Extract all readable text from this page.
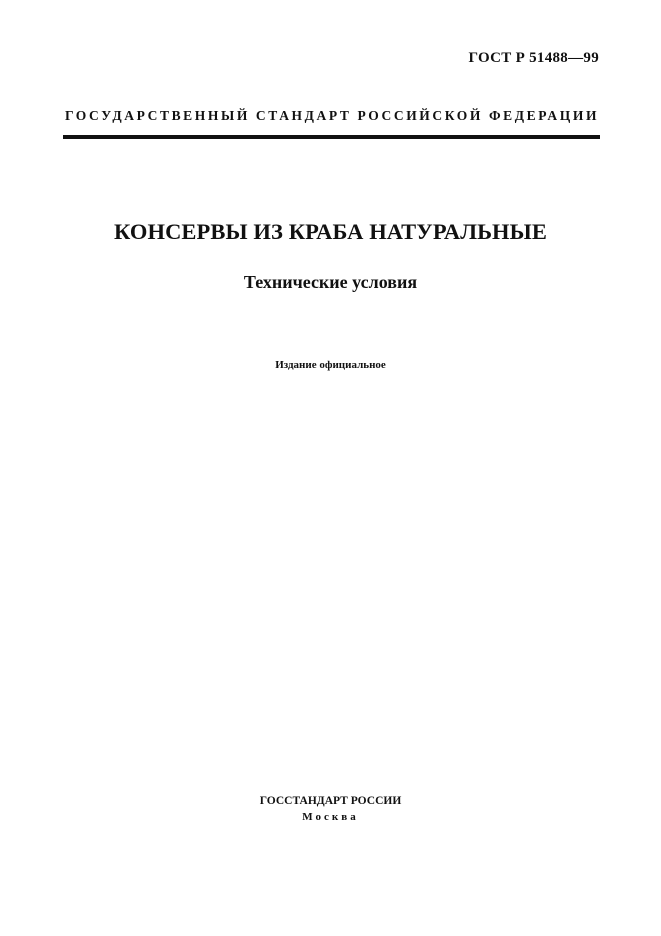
ГОСТ Р 51488—99
ГОСУДАРСТВЕННЫЙ СТАНДАРТ РОССИЙСКОЙ ФЕДЕРАЦИИ
КОНСЕРВЫ ИЗ КРАБА НАТУРАЛЬНЫЕ
Технические условия
Издание официальное
ГОССТАНДАРТ РОССИИ
Москва
